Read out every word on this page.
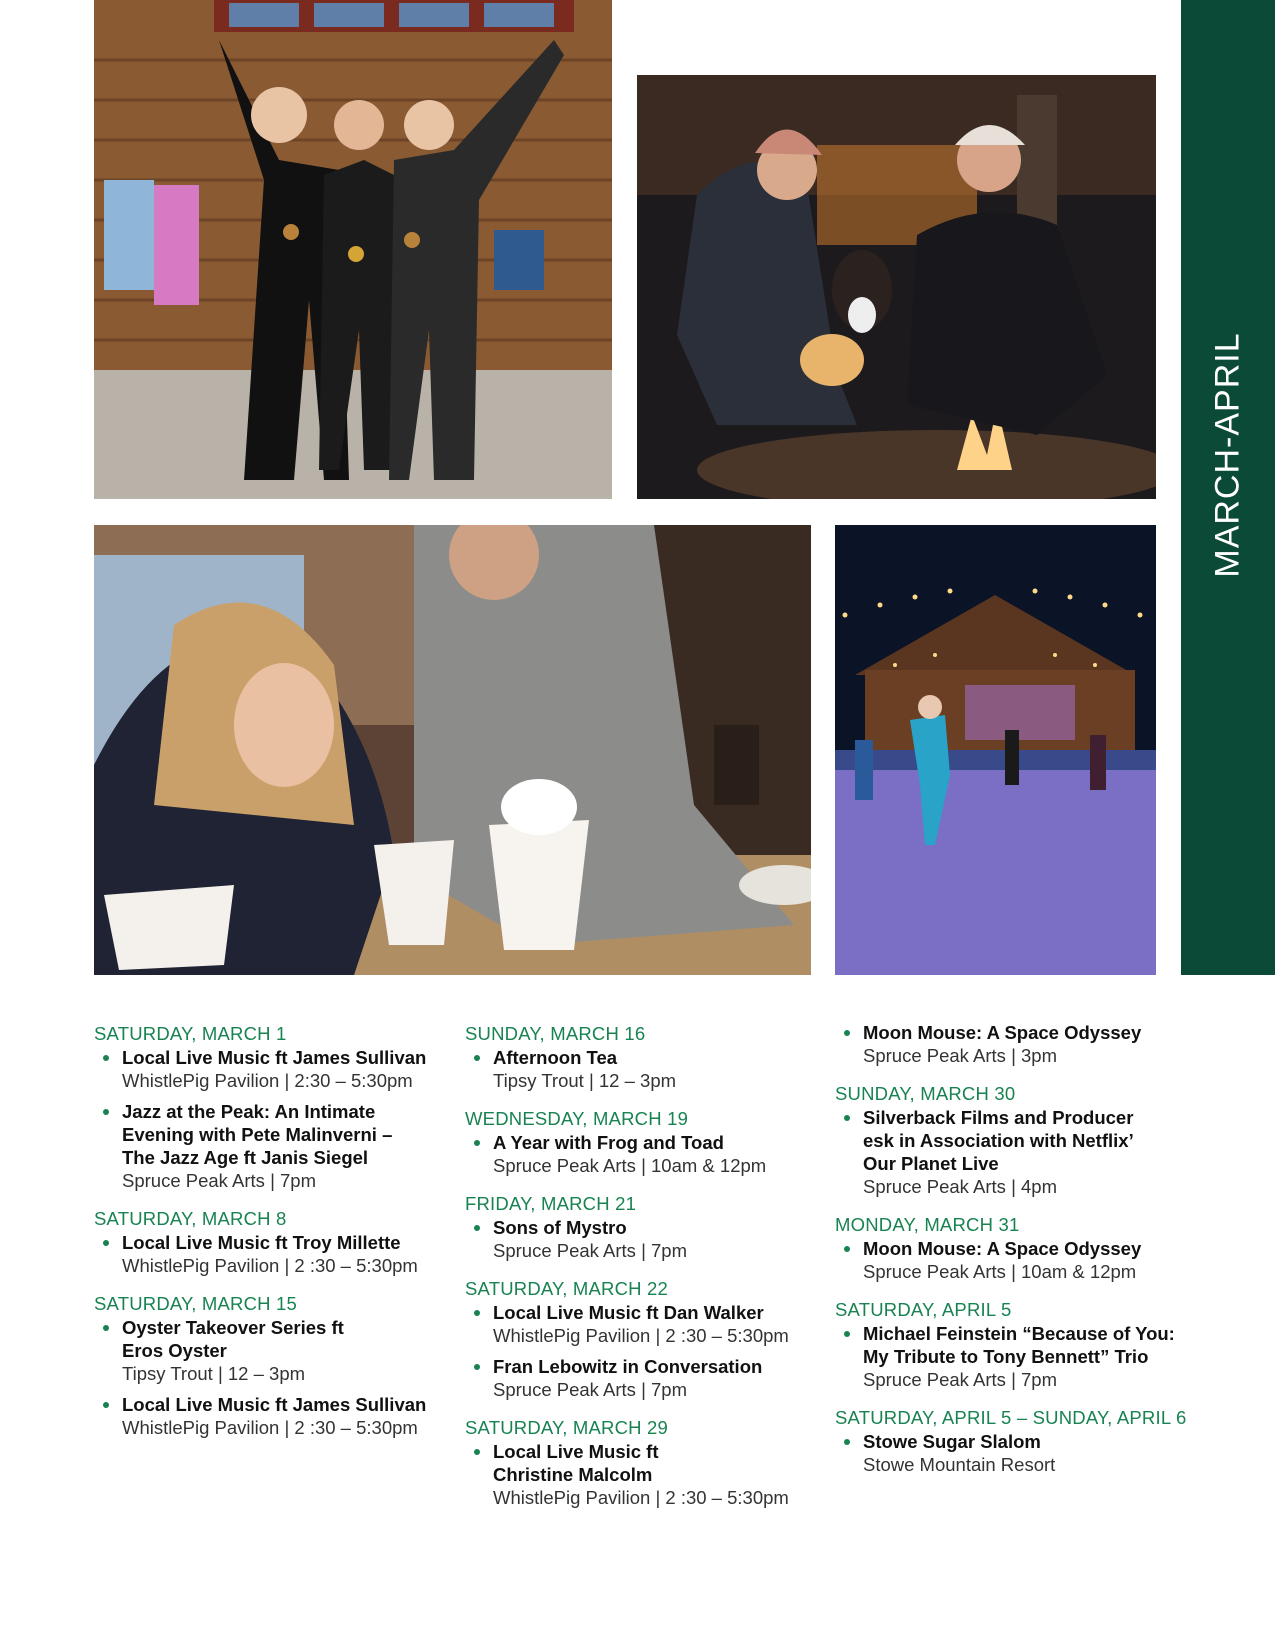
MARCH-APRIL
SATURDAY, MARCH 1
Local Live Music ft James Sullivan
WhistlePig Pavilion | 2:30 – 5:30pm
Jazz at the Peak: An Intimate
Evening with Pete Malinverni –
The Jazz Age ft Janis Siegel
Spruce Peak Arts | 7pm
SATURDAY, MARCH 8
Local Live Music ft Troy Millette
WhistlePig Pavilion | 2 :30 – 5:30pm
SATURDAY, MARCH 15
Oyster Takeover Series ft
Eros Oyster
Tipsy Trout | 12 – 3pm
Local Live Music ft James Sullivan
WhistlePig Pavilion | 2 :30 – 5:30pm
SUNDAY, MARCH 16
Afternoon Tea
Tipsy Trout | 12 – 3pm
WEDNESDAY, MARCH 19
A Year with Frog and Toad
Spruce Peak Arts | 10am & 12pm
FRIDAY, MARCH 21
Sons of Mystro
Spruce Peak Arts | 7pm
SATURDAY, MARCH 22
Local Live Music ft Dan Walker
WhistlePig Pavilion | 2 :30 – 5:30pm
Fran Lebowitz in Conversation
Spruce Peak Arts | 7pm
SATURDAY, MARCH 29
Local Live Music ft
Christine Malcolm
WhistlePig Pavilion | 2 :30 – 5:30pm
Moon Mouse: A Space Odyssey
Spruce Peak Arts | 3pm
SUNDAY, MARCH 30
Silverback Films and Producer
esk in Association with Netflix’
Our Planet Live
Spruce Peak Arts | 4pm
MONDAY, MARCH 31
Moon Mouse: A Space Odyssey
Spruce Peak Arts | 10am & 12pm
SATURDAY, APRIL 5
Michael Feinstein “Because of You:
My Tribute to Tony Bennett” Trio
Spruce Peak Arts | 7pm
SATURDAY, APRIL 5 – SUNDAY, APRIL 6
Stowe Sugar Slalom
Stowe Mountain Resort
